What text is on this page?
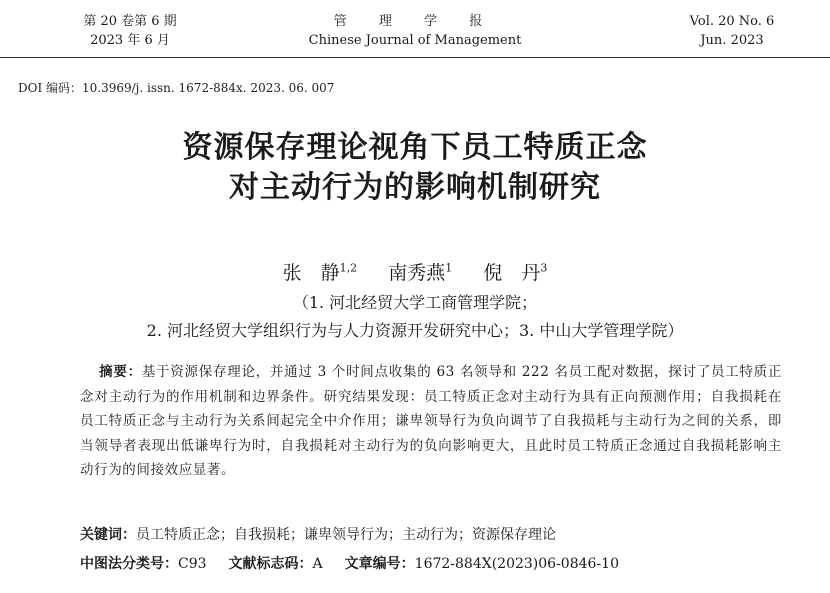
第 20 卷第 6 期
2023 年 6 月
管 理 学 报
Chinese Journal of Management
Vol. 20 No. 6
Jun. 2023
DOI 编码：10.3969/j. issn. 1672-884x. 2023. 06. 007
资源保存理论视角下员工特质正念
对主动行为的影响机制研究
张　静$^{1,2}$   南秀燕$^1$   倪　丹$^3$
（1. 河北经贸大学工商管理学院；
2. 河北经贸大学组织行为与人力资源开发研究中心；3. 中山大学管理学院）
  摘要：基于资源保存理论，并通过 3 个时间点收集的 63 名领导和 222 名员工配对数据，探讨了员工特质正念对主动行为的作用机制和边界条件。研究结果发现：员工特质正念对主动行为具有正向预测作用；自我损耗在员工特质正念与主动行为关系间起完全中介作用；谦卑领导行为负向调节了自我损耗与主动行为之间的关系，即当领导者表现出低谦卑行为时，自我损耗对主动行为的负向影响更大，且此时员工特质正念通过自我损耗影响主动行为的间接效应显著。
关键词：员工特质正念；自我损耗；谦卑领导行为；主动行为；资源保存理论
中图法分类号：C93 文献标志码：A 文章编号：1672-884X(2023)06-0846-10
